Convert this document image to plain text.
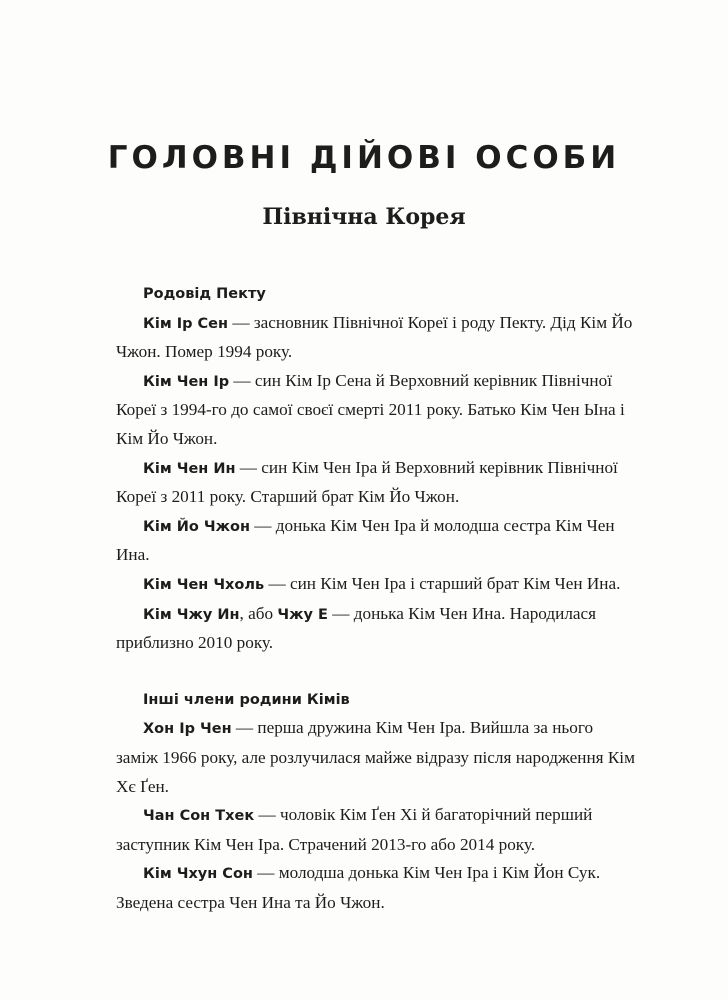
ГОЛОВНІ ДІЙОВІ ОСОБИ
Північна Корея

Родовід Пекту

Кім Ір Сен — засновник Північної Кореї і роду Пекту. Дід Кім Йо Чжон. Помер 1994 року.

Кім Чен Ір — син Кім Ір Сена й Верховний керівник Північної Кореї з 1994-го до самої своєї смерті 2011 року. Батько Кім Чен Ына і Кім Йо Чжон.

Кім Чен Ин — син Кім Чен Іра й Верховний керівник Північної Кореї з 2011 року. Старший брат Кім Йо Чжон.

Кім Йо Чжон — донька Кім Чен Іра й молодша сестра Кім Чен Ина.

Кім Чен Чхоль — син Кім Чен Іра і старший брат Кім Чен Ина.

Кім Чжу Ин, або Чжу Е — донька Кім Чен Ина. Народилася приблизно 2010 року.

Інші члени родини Кімів

Хон Ір Чен — перша дружина Кім Чен Іра. Вийшла за нього заміж 1966 року, але розлучилася майже відразу після народження Кім Хє Ґен.

Чан Сон Тхек — чоловік Кім Ґен Хі й багаторічний перший заступник Кім Чен Іра. Страчений 2013-го або 2014 року.

Кім Чхун Сон — молодша донька Кім Чен Іра і Кім Йон Сук. Зведена сестра Чен Ина та Йо Чжон.
